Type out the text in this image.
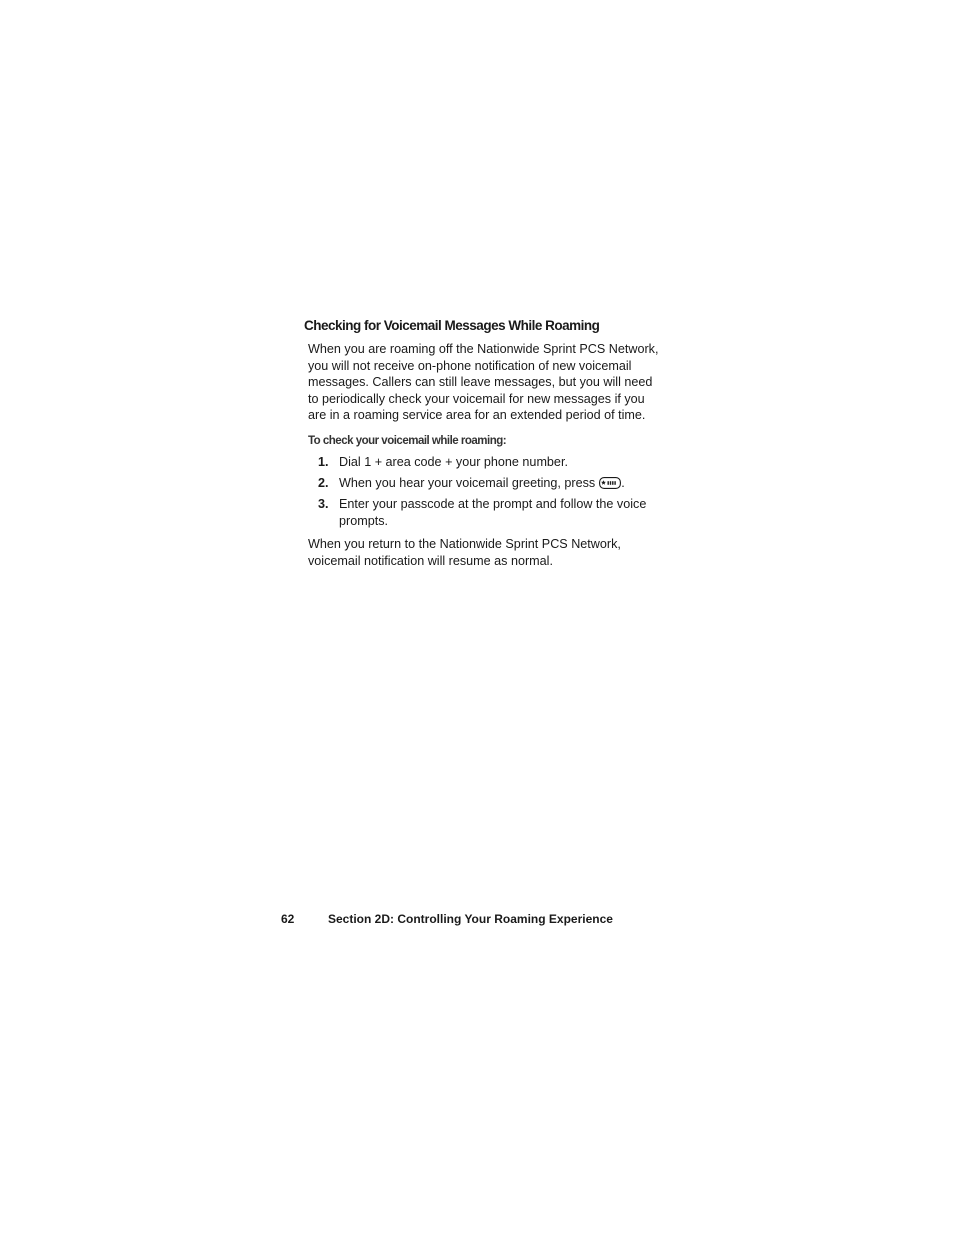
Checking for Voicemail Messages While Roaming

When you are roaming off the Nationwide Sprint PCS Network, you will not receive on-phone notification of new voicemail messages. Callers can still leave messages, but you will need to periodically check your voicemail for new messages if you are in a roaming service area for an extended period of time.

To check your voicemail while roaming:

1. Dial 1 + area code + your phone number.
2. When you hear your voicemail greeting, press .
3. Enter your passcode at the prompt and follow the voice prompts.

When you return to the Nationwide Sprint PCS Network, voicemail notification will resume as normal.

62	Section 2D: Controlling Your Roaming Experience
